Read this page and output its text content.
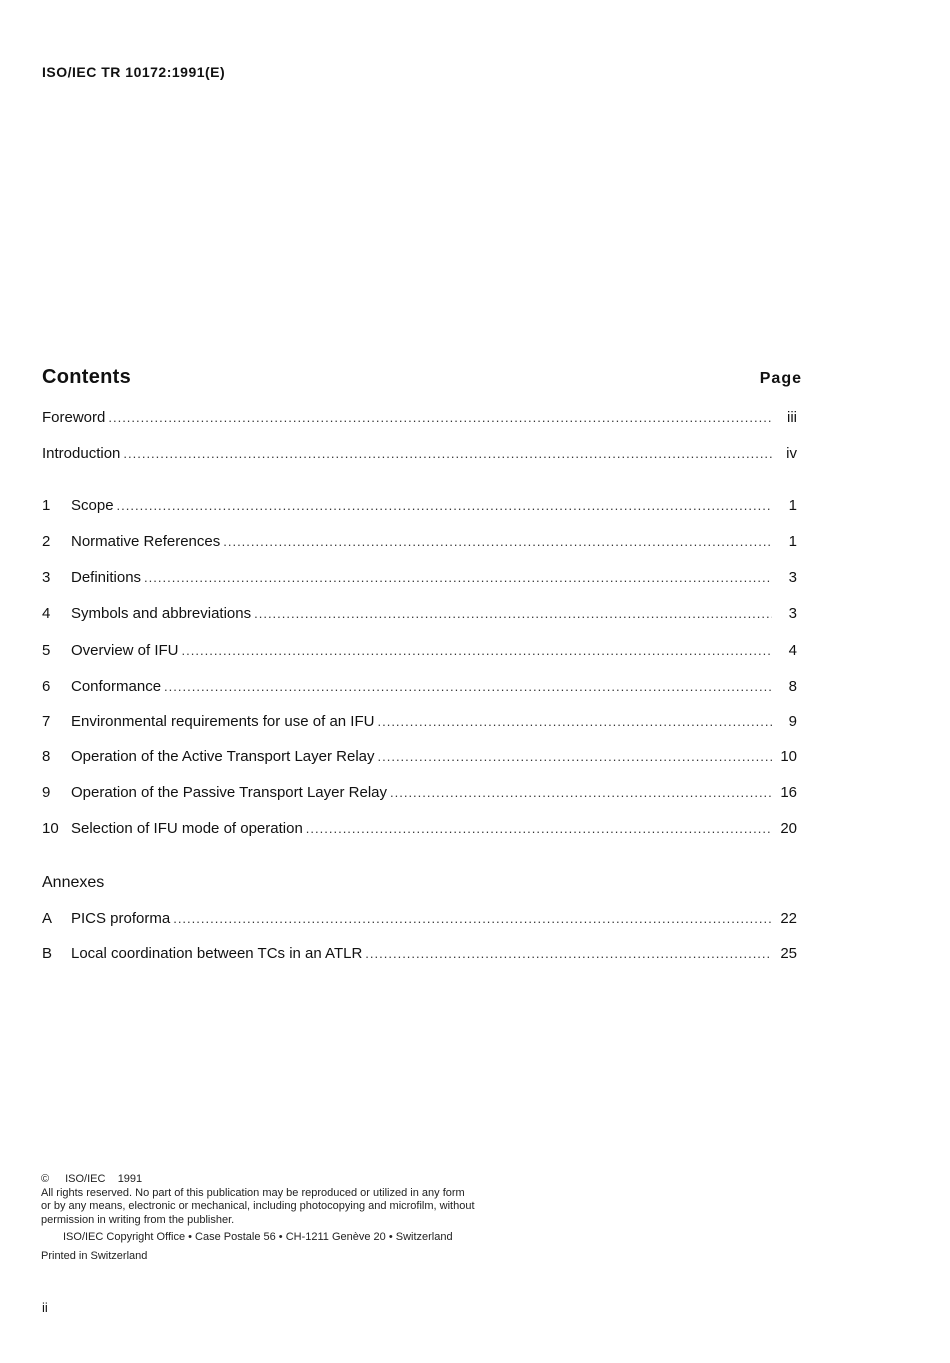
ISO/IEC TR 10172:1991(E)
Contents	Page
Foreword .....	iii
Introduction .....	iv
1	Scope .....	1
2	Normative References .....	1
3	Definitions .....	3
4	Symbols and abbreviations .....	3
5	Overview of IFU .....	4
6	Conformance .....	8
7	Environmental requirements for use of an IFU .....	9
8	Operation of the Active Transport Layer Relay .....	10
9	Operation of the Passive Transport Layer Relay .....	16
10 Selection of IFU mode of operation .....	20
Annexes
A	PICS proforma .....	22
B	Local coordination between TCs in an ATLR .....	25
© ISO/IEC 1991
All rights reserved. No part of this publication may be reproduced or utilized in any form
or by any means, electronic or mechanical, including photocopying and microfilm, without
permission in writing from the publisher.
ISO/IEC Copyright Office • Case Postale 56 • CH-1211 Genève 20 • Switzerland
Printed in Switzerland
ii
